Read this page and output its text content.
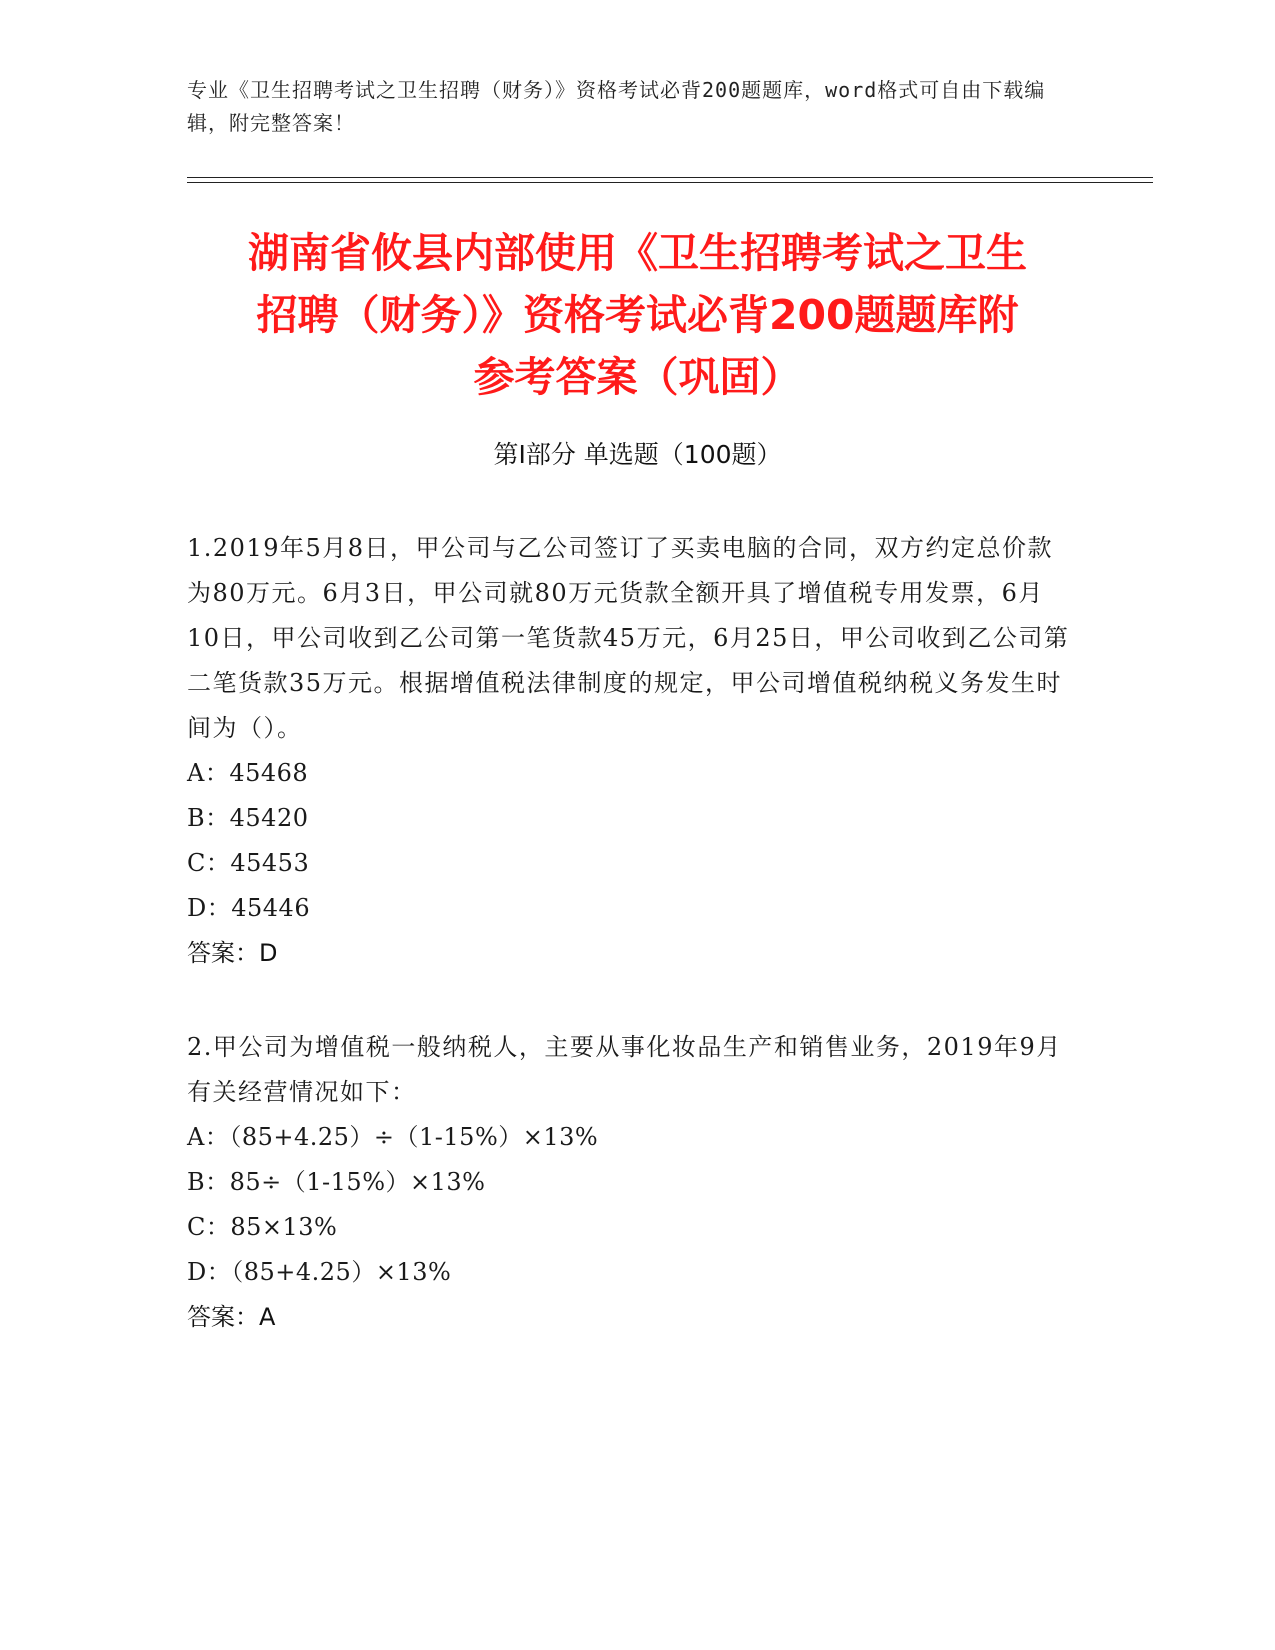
专业《卫生招聘考试之卫生招聘（财务）》资格考试必背200题题库，word格式可自由下载编辑，附完整答案！
湖南省攸县内部使用《卫生招聘考试之卫生
招聘（财务）》资格考试必背200题题库附
参考答案（巩固）
第Ⅰ部分 单选题（100题）

1.2019年5月8日，甲公司与乙公司签订了买卖电脑的合同，双方约定总价款为80万元。6月3日，甲公司就80万元货款全额开具了增值税专用发票，6月10日，甲公司收到乙公司第一笔货款45万元，6月25日，甲公司收到乙公司第二笔货款35万元。根据增值税法律制度的规定，甲公司增值税纳税义务发生时间为（）。

A：45468

B：45420

C：45453

D：45446

答案：D

2.甲公司为增值税一般纳税人，主要从事化妆品生产和销售业务，2019年9月有关经营情况如下：

A：（85+4.25）÷（1-15%）×13%

B：85÷（1-15%）×13%

C：85×13%

D：（85+4.25）×13%

答案：A
